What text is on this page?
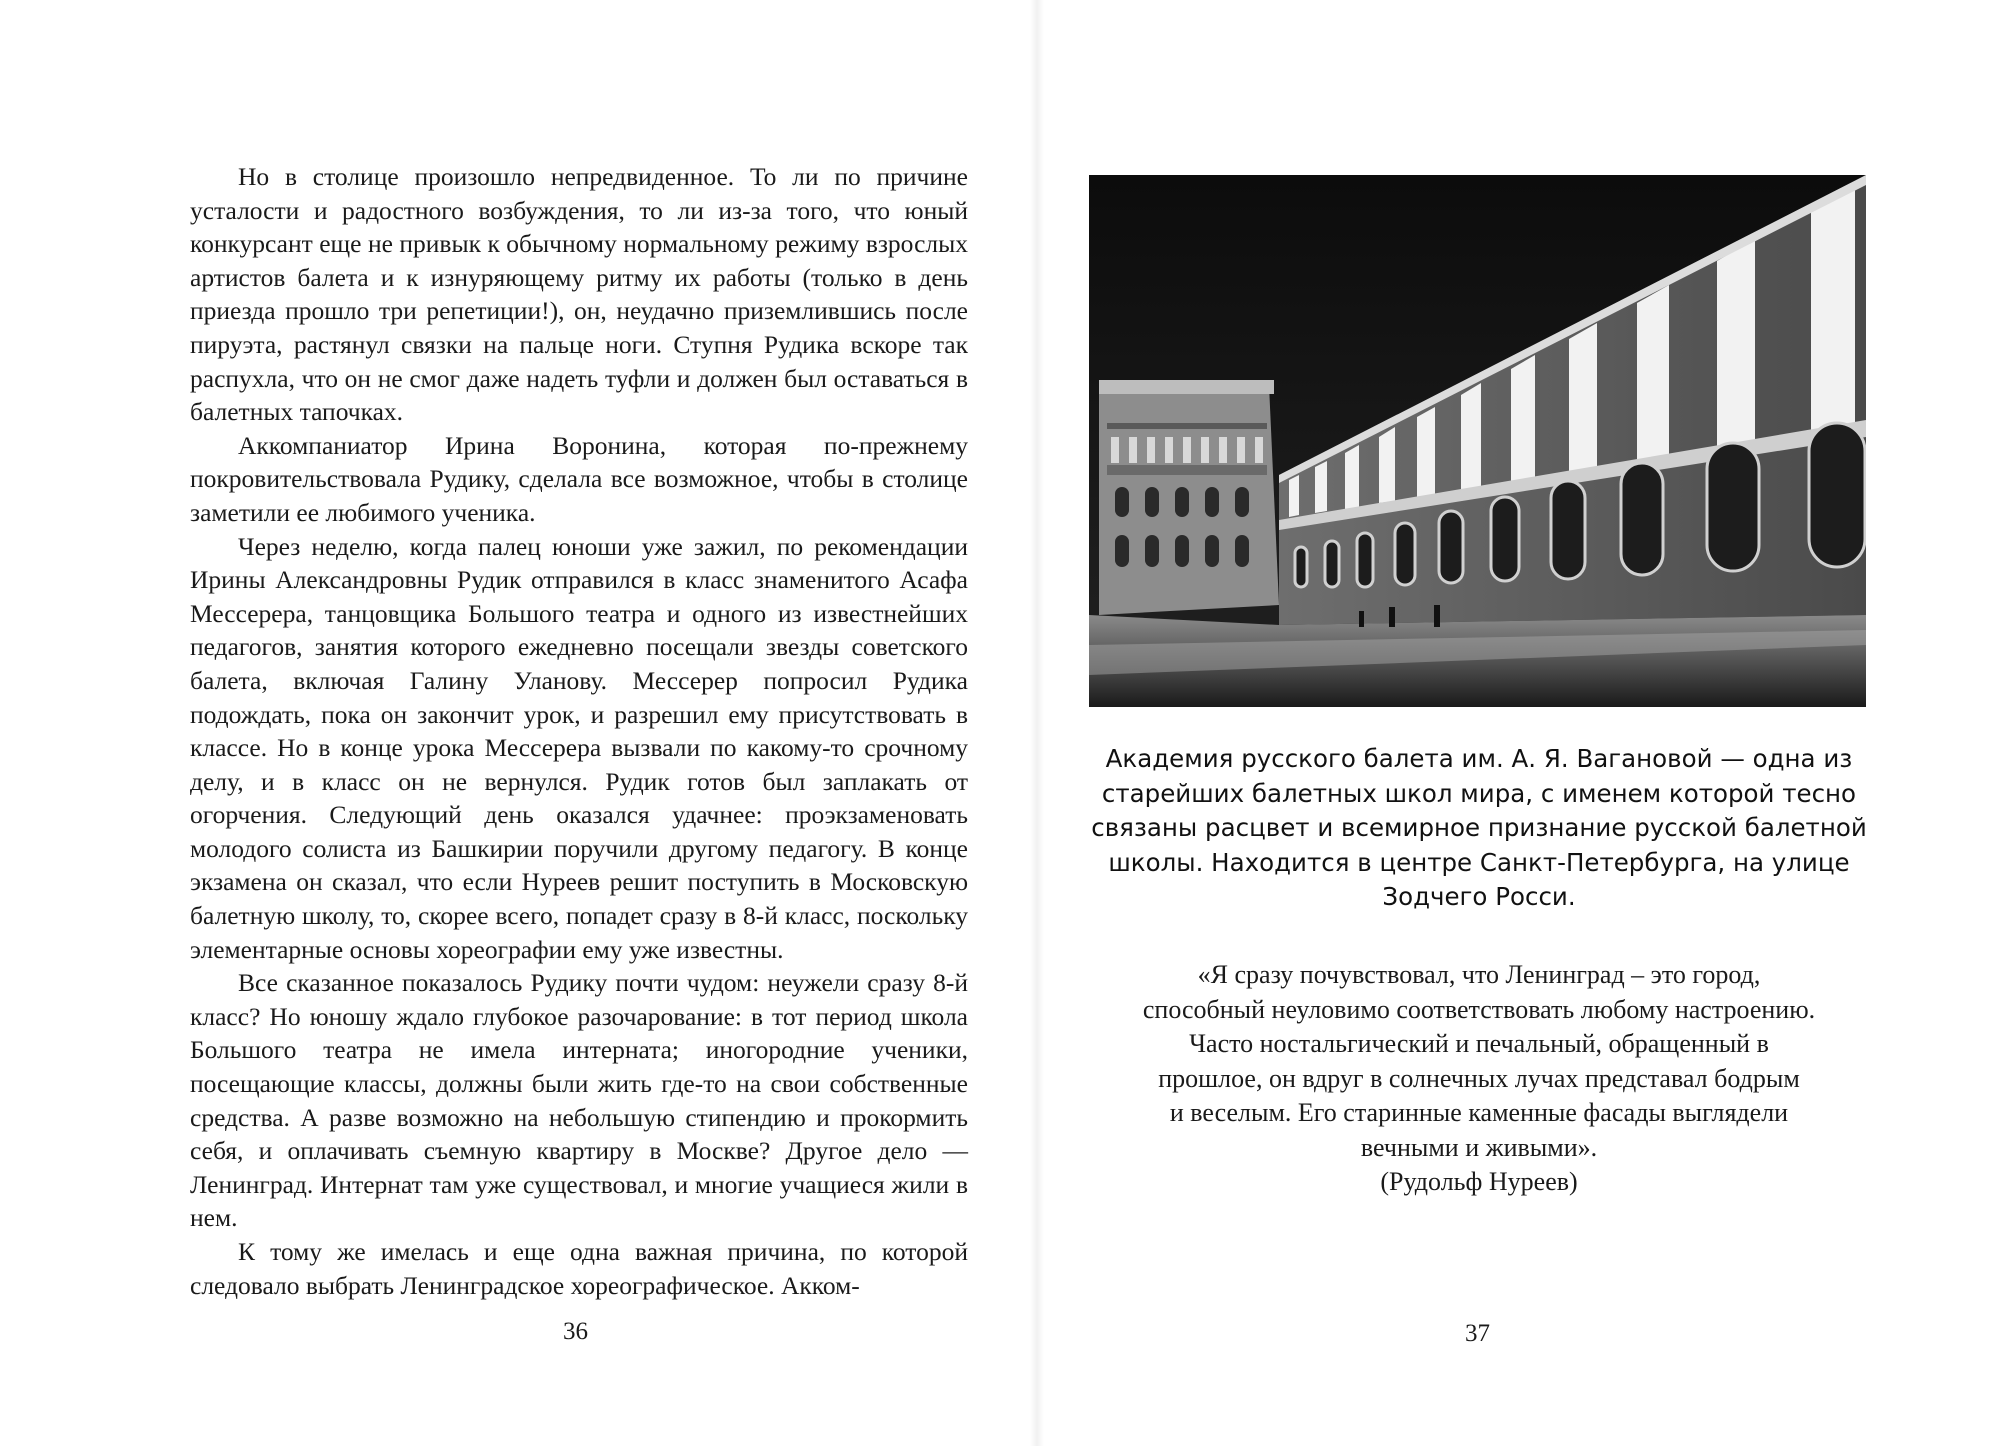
Но в столице произошло непредвиденное. То ли по причине усталости и радостного возбуждения, то ли из-за того, что юный конкурсант еще не привык к обычному нормальному режиму взрослых артистов балета и к изнуряющему ритму их работы (только в день приезда прошло три репетиции!), он, неудачно приземлившись после пируэта, растянул связки на пальце ноги. Ступня Рудика вскоре так распухла, что он не смог даже надеть туфли и должен был оставаться в балетных тапочках.

Аккомпаниатор Ирина Воронина, которая по-прежнему покровительствовала Рудику, сделала все возможное, чтобы в столице заметили ее любимого ученика.

Через неделю, когда палец юноши уже зажил, по рекомендации Ирины Александровны Рудик отправился в класс знаменитого Асафа Мессерера, танцовщика Большого театра и одного из известнейших педагогов, занятия которого ежедневно посещали звезды советского балета, включая Галину Уланову. Мессерер попросил Рудика подождать, пока он закончит урок, и разрешил ему присутствовать в классе. Но в конце урока Мессерера вызвали по какому-то срочному делу, и в класс он не вернулся. Рудик готов был заплакать от огорчения. Следующий день оказался удачнее: проэкзаменовать молодого солиста из Башкирии поручили другому педагогу. В конце экзамена он сказал, что если Нуреев решит поступить в Московскую балетную школу, то, скорее всего, попадет сразу в 8-й класс, поскольку элементарные основы хореографии ему уже известны.

Все сказанное показалось Рудику почти чудом: неужели сразу 8-й класс? Но юношу ждало глубокое разочарование: в тот период школа Большого театра не имела интерната; иногородние ученики, посещающие классы, должны были жить где-то на свои собственные средства. А разве возможно на небольшую стипендию и прокормить себя, и оплачивать съемную квартиру в Москве? Другое дело — Ленинград. Интернат там уже существовал, и многие учащиеся жили в нем.

К тому же имелась и еще одна важная причина, по которой следовало выбрать Ленинградское хореографическое. Акком-

36
Академия русского балета им. А. Я. Вагановой — одна из старейших балетных школ мира, с именем которой тесно связаны расцвет и всемирное признание русской балетной школы. Находится в центре Санкт-Петербурга, на улице Зодчего Росси.

«Я сразу почувствовал, что Ленинград – это город,

способный неуловимо соответствовать любому настроению.

Часто ностальгический и печальный, обращенный в

прошлое, он вдруг в солнечных лучах представал бодрым

и веселым. Его старинные каменные фасады выглядели

вечными и живыми».

(Рудольф Нуреев)

37
